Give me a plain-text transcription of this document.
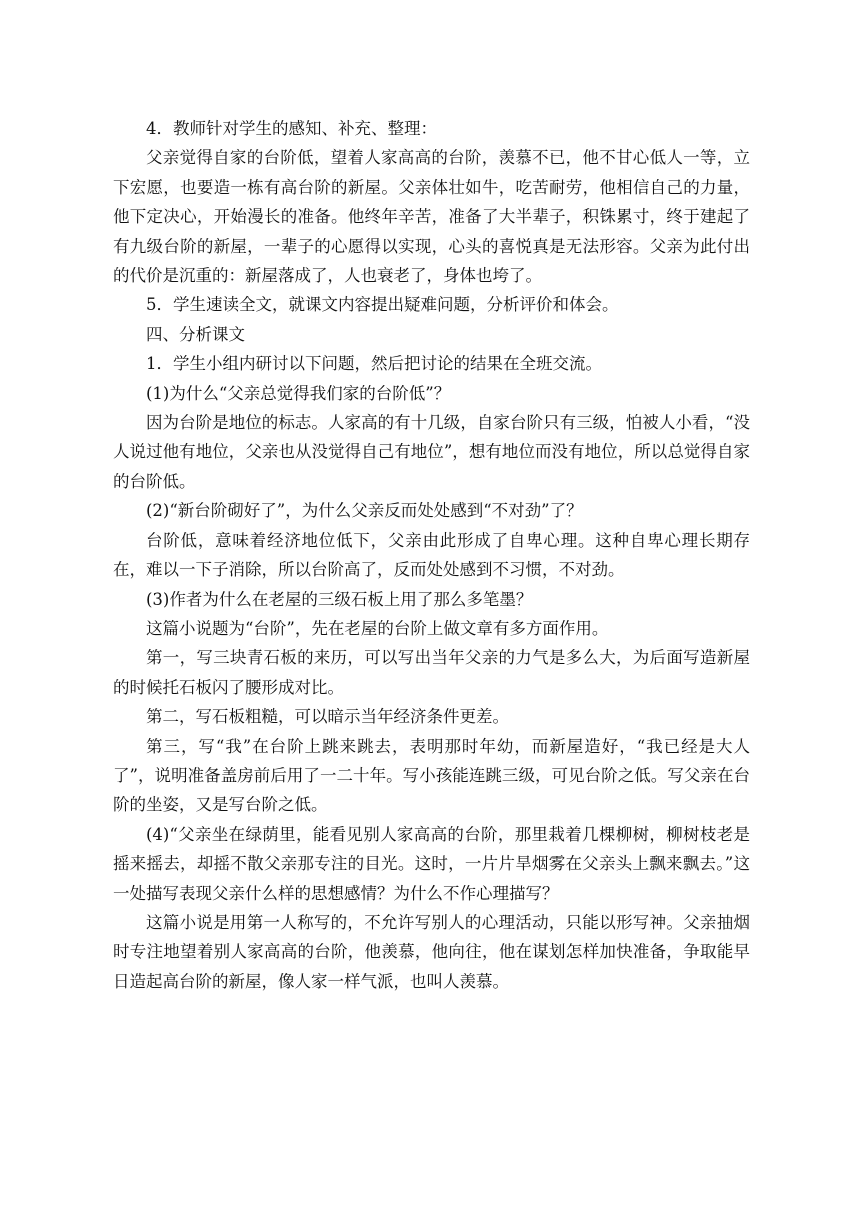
4．教师针对学生的感知、补充、整理：

父亲觉得自家的台阶低，望着人家高高的台阶，羡慕不已，他不甘心低人一等，立下宏愿，也要造一栋有高台阶的新屋。父亲体壮如牛，吃苦耐劳，他相信自己的力量，他下定决心，开始漫长的准备。他终年辛苦，准备了大半辈子，积铢累寸，终于建起了有九级台阶的新屋，一辈子的心愿得以实现，心头的喜悦真是无法形容。父亲为此付出的代价是沉重的：新屋落成了，人也衰老了，身体也垮了。

5．学生速读全文，就课文内容提出疑难问题，分析评价和体会。

四、分析课文

1．学生小组内研讨以下问题，然后把讨论的结果在全班交流。

(1)为什么“父亲总觉得我们家的台阶低”？

因为台阶是地位的标志。人家高的有十几级，自家台阶只有三级，怕被人小看，“没人说过他有地位，父亲也从没觉得自己有地位”，想有地位而没有地位，所以总觉得自家的台阶低。

(2)“新台阶砌好了”，为什么父亲反而处处感到“不对劲”了？

台阶低，意味着经济地位低下，父亲由此形成了自卑心理。这种自卑心理长期存在，难以一下子消除，所以台阶高了，反而处处感到不习惯，不对劲。

(3)作者为什么在老屋的三级石板上用了那么多笔墨？

这篇小说题为“台阶”，先在老屋的台阶上做文章有多方面作用。

第一，写三块青石板的来历，可以写出当年父亲的力气是多么大，为后面写造新屋的时候托石板闪了腰形成对比。

第二，写石板粗糙，可以暗示当年经济条件更差。

第三，写“我”在台阶上跳来跳去，表明那时年幼，而新屋造好，“我已经是大人了”，说明准备盖房前后用了一二十年。写小孩能连跳三级，可见台阶之低。写父亲在台阶的坐姿，又是写台阶之低。

(4)“父亲坐在绿荫里，能看见别人家高高的台阶，那里栽着几棵柳树，柳树枝老是摇来摇去，却摇不散父亲那专注的目光。这时，一片片旱烟雾在父亲头上飘来飘去。”这一处描写表现父亲什么样的思想感情？为什么不作心理描写？

这篇小说是用第一人称写的，不允许写别人的心理活动，只能以形写神。父亲抽烟时专注地望着别人家高高的台阶，他羡慕，他向往，他在谋划怎样加快准备，争取能早日造起高台阶的新屋，像人家一样气派，也叫人羡慕。
